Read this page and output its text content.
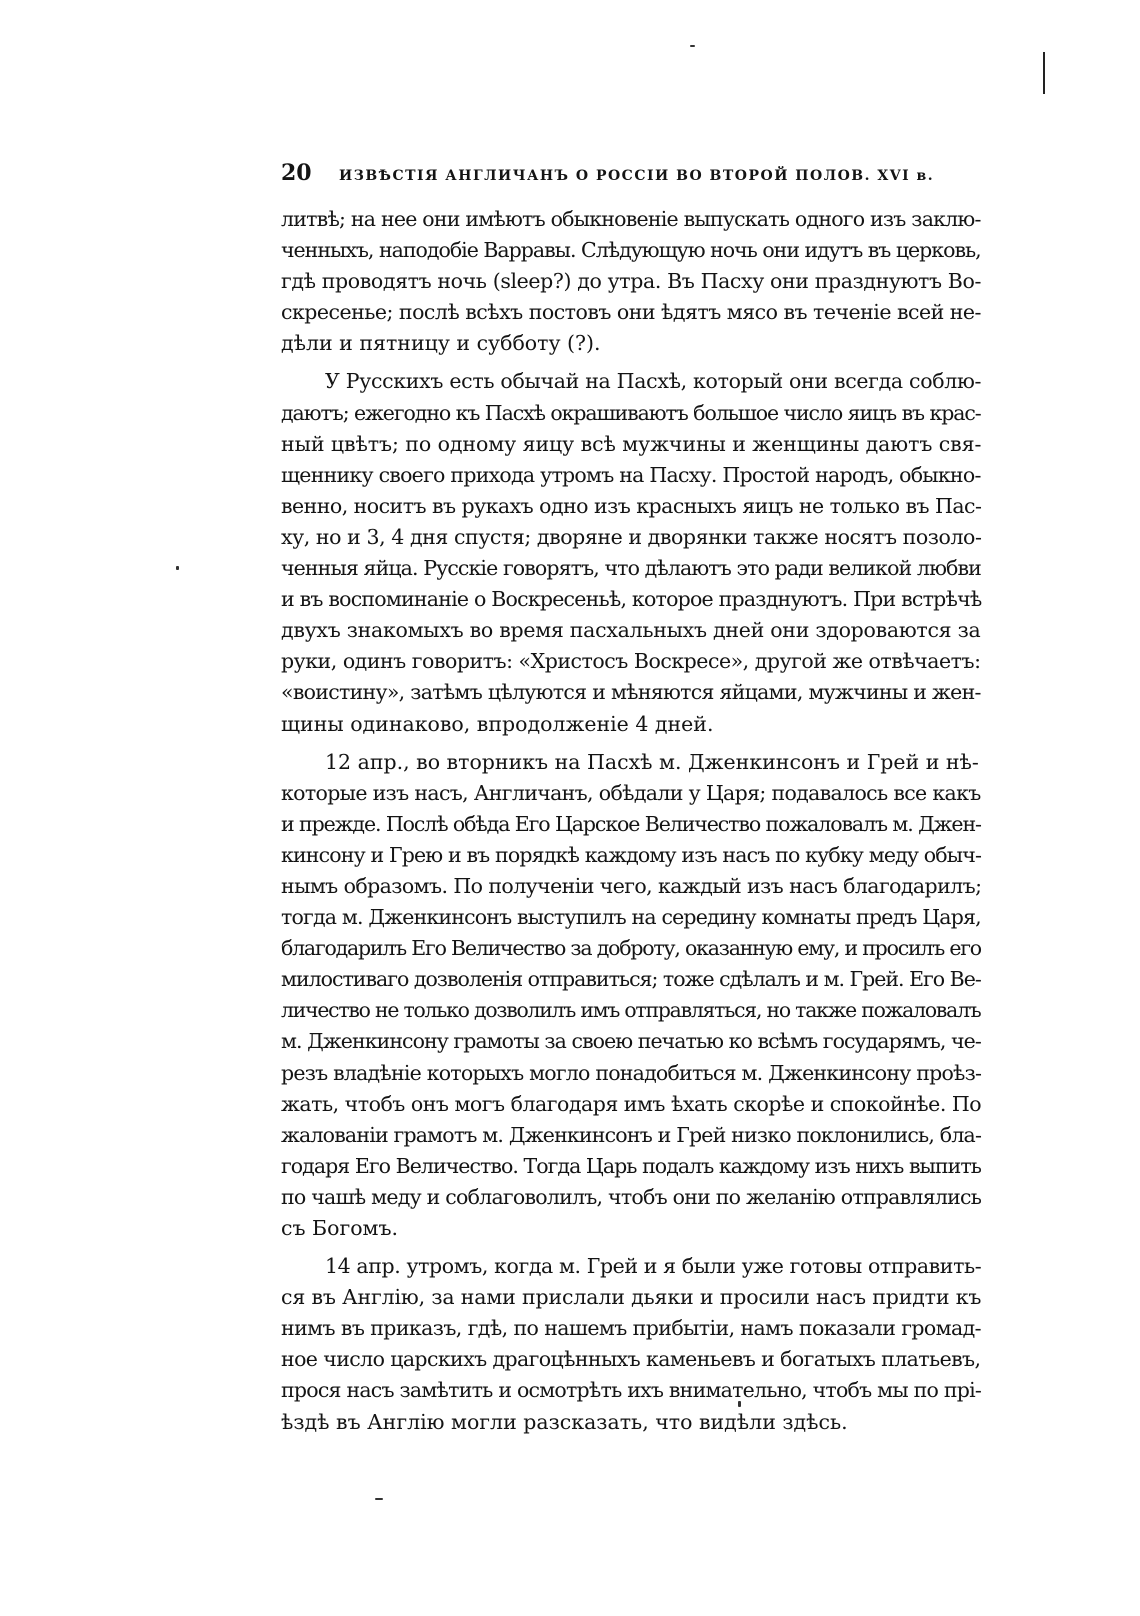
20	ИЗВѢСТІЯ АНГЛИЧАНЪ О РОССІИ ВО ВТОРОЙ ПОЛОВ. XVI в.

литвѣ; на нее они имѣютъ обыкновеніе выпускать одного изъ заклю-
ченныхъ, наподобіе Варравы. Слѣдующую ночь они идутъ въ церковь,
гдѣ проводятъ ночь (sleep?) до утра. Въ Пасху они празднуютъ Во-
скресенье; послѣ всѣхъ постовъ они ѣдятъ мясо въ теченіе всей не-
дѣли и пятницу и субботу (?).

У Русскихъ есть обычай на Пасхѣ, который они всегда соблю-
даютъ; ежегодно къ Пасхѣ окрашиваютъ большое число яицъ въ крас-
ный цвѣтъ; по одному яицу всѣ мужчины и женщины даютъ свя-
щеннику своего прихода утромъ на Пасху. Простой народъ, обыкно-
венно, носитъ въ рукахъ одно изъ красныхъ яицъ не только въ Пас-
ху, но и 3, 4 дня спустя; дворяне и дворянки также носятъ позоло-
ченныя яйца. Русскіе говорятъ, что дѣлаютъ это ради великой любви
и въ воспоминаніе о Воскресеньѣ, которое празднуютъ. При встрѣчѣ
двухъ знакомыхъ во время пасхальныхъ дней они здороваются за
руки, одинъ говоритъ: «Христосъ Воскресе», другой же отвѣчаетъ:
«воистину», затѣмъ цѣлуются и мѣняются яйцами, мужчины и жен-
щины одинаково, впродолженіе 4 дней.

12 апр., во вторникъ на Пасхѣ м. Дженкинсонъ и Грей и нѣ-
которые изъ насъ, Англичанъ, обѣдали у Царя; подавалось все какъ
и прежде. Послѣ обѣда Его Царское Величество пожаловалъ м. Джен-
кинсону и Грею и въ порядкѣ каждому изъ насъ по кубку меду обыч-
нымъ образомъ. По полученіи чего, каждый изъ насъ благодарилъ;
тогда м. Дженкинсонъ выступилъ на середину комнаты предъ Царя,
благодарилъ Его Величество за доброту, оказанную ему, и просилъ его
милостиваго дозволенія отправиться; тоже сдѣлалъ и м. Грей. Его Ве-
личество не только дозволилъ имъ отправляться, но также пожаловалъ
м. Дженкинсону грамоты за своею печатью ко всѣмъ государямъ, че-
резъ владѣніе которыхъ могло понадобиться м. Дженкинсону проѣз-
жать, чтобъ онъ могъ благодаря имъ ѣхать скорѣе и спокойнѣе. По
жалованіи грамотъ м. Дженкинсонъ и Грей низко поклонились, бла-
годаря Его Величество. Тогда Царь подалъ каждому изъ нихъ выпить
по чашѣ меду и соблаговолилъ, чтобъ они по желанію отправлялись
съ Богомъ.

14 апр. утромъ, когда м. Грей и я были уже готовы отправить-
ся въ Англію, за нами прислали дьяки и просили насъ придти къ
нимъ въ приказъ, гдѣ, по нашемъ прибытіи, намъ показали громад-
ное число царскихъ драгоцѣнныхъ каменьевъ и богатыхъ платьевъ,
прося насъ замѣтить и осмотрѣть ихъ внимательно, чтобъ мы по прі-
ѣздѣ въ Англію могли разсказать, что видѣли здѣсь.
